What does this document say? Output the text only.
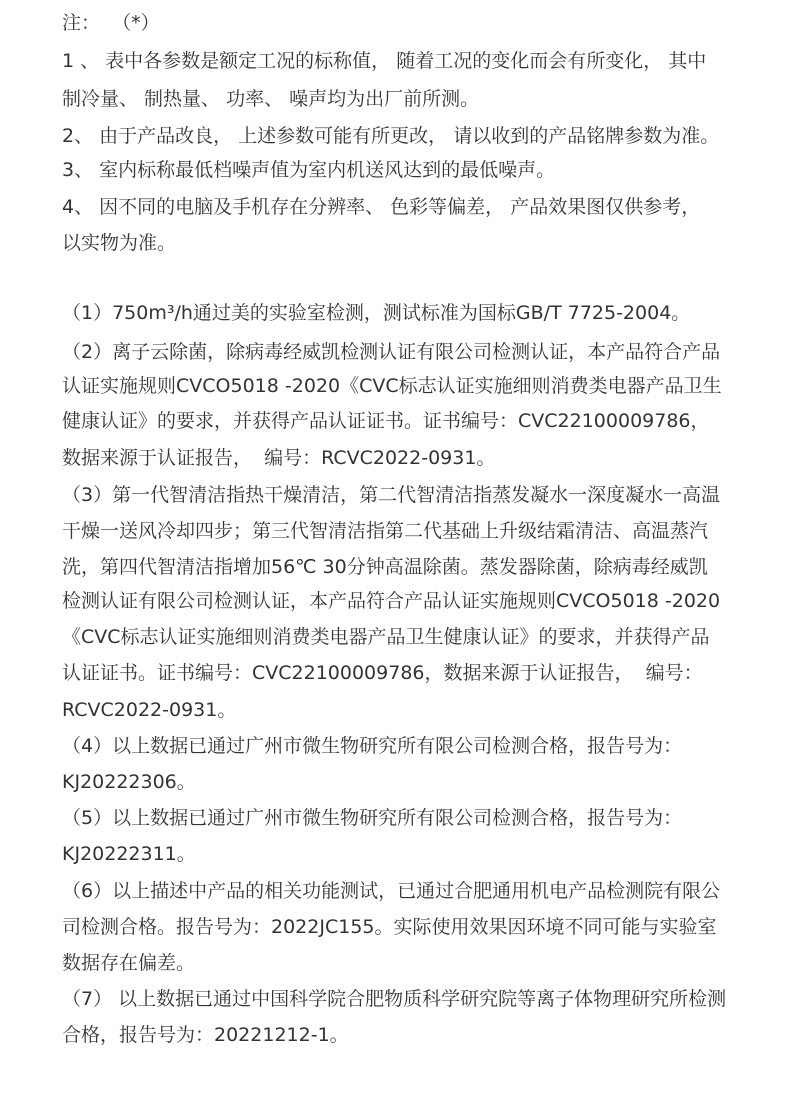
注：  （*）
1 、 表中各参数是额定工况的标称值， 随着工况的变化而会有所变化， 其中
制冷量、 制热量、 功率、 噪声均为出厂前所测。
2、 由于产品改良， 上述参数可能有所更改， 请以收到的产品铭牌参数为准。
3、 室内标称最低档噪声值为室内机送风达到的最低噪声。
4、 因不同的电脑及手机存在分辨率、 色彩等偏差， 产品效果图仅供参考，
以实物为准。
（1）750m³/h通过美的实验室检测，测试标准为国标GB/T 7725-2004。
（2）离子云除菌，除病毒经威凯检测认证有限公司检测认证，本产品符合产品
认证实施规则CVCO5018 -2020《CVC标志认证实施细则消费类电器产品卫生
健康认证》的要求，并获得产品认证证书。证书编号：CVC22100009786，
数据来源于认证报告，  编号：RCVC2022-0931。
（3）第一代智清洁指热干燥清洁，第二代智清洁指蒸发凝水一深度凝水一高温
干燥一送风冷却四步；第三代智清洁指第二代基础上升级结霜清洁、高温蒸汽
洗，第四代智清洁指增加56℃ 30分钟高温除菌。蒸发器除菌，除病毒经威凯
检测认证有限公司检测认证，本产品符合产品认证实施规则CVCO5018 -2020
《CVC标志认证实施细则消费类电器产品卫生健康认证》的要求，并获得产品
认证证书。证书编号：CVC22100009786，数据来源于认证报告，  编号：
RCVC2022-0931。
（4）以上数据已通过广州市微生物研究所有限公司检测合格，报告号为：
KJ20222306。
（5）以上数据已通过广州市微生物研究所有限公司检测合格，报告号为：
KJ20222311。
（6）以上描述中产品的相关功能测试，已通过合肥通用机电产品检测院有限公
司检测合格。报告号为：2022JC155。实际使用效果因环境不同可能与实验室
数据存在偏差。
（7） 以上数据已通过中国科学院合肥物质科学研究院等离子体物理研究所检测
合格，报告号为：20221212-1。
